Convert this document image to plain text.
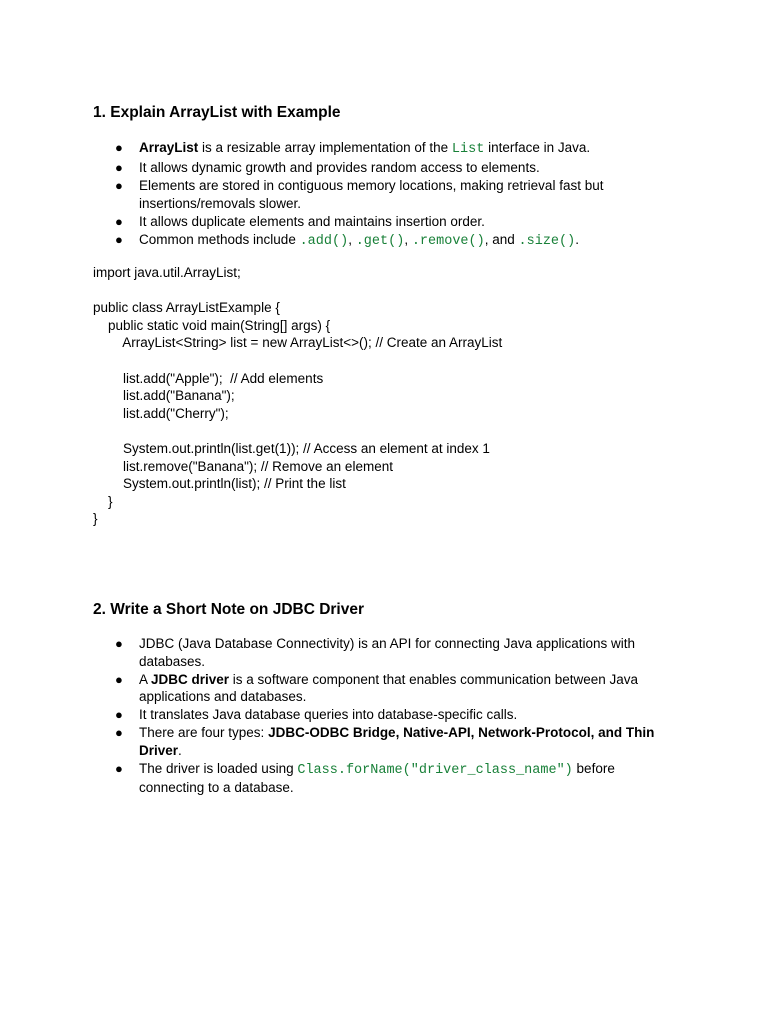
1. Explain ArrayList with Example
● ArrayList is a resizable array implementation of the List interface in Java.
● It allows dynamic growth and provides random access to elements.
● Elements are stored in contiguous memory locations, making retrieval fast but insertions/removals slower.
● It allows duplicate elements and maintains insertion order.
● Common methods include .add(), .get(), .remove(), and .size().
import java.util.ArrayList;
public class ArrayListExample {
public static void main(String[] args) {
ArrayList<String> list = new ArrayList<>(); // Create an ArrayList
list.add("Apple");  // Add elements
list.add("Banana");
list.add("Cherry");
System.out.println(list.get(1)); // Access an element at index 1
list.remove("Banana"); // Remove an element
System.out.println(list); // Print the list
}
}
2. Write a Short Note on JDBC Driver
● JDBC (Java Database Connectivity) is an API for connecting Java applications with databases.
● A JDBC driver is a software component that enables communication between Java applications and databases.
● It translates Java database queries into database-specific calls.
● There are four types: JDBC-ODBC Bridge, Native-API, Network-Protocol, and Thin Driver.
● The driver is loaded using Class.forName("driver_class_name") before connecting to a database.
